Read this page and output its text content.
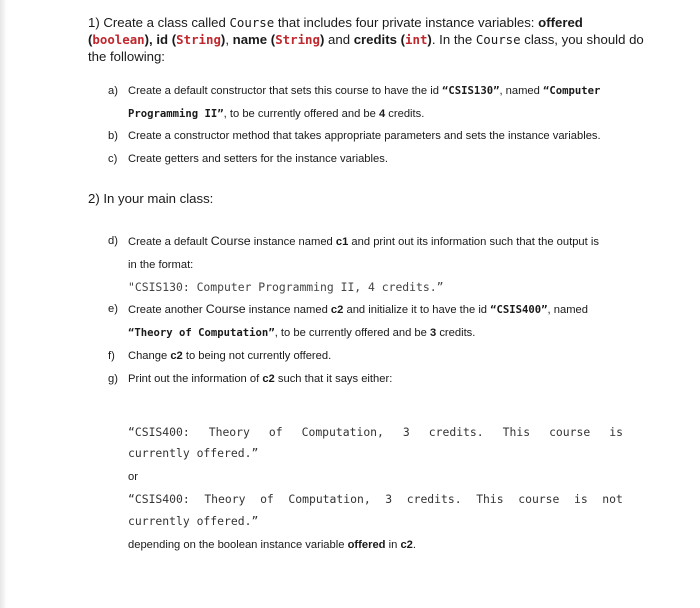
1) Create a class called Course that includes four private instance variables: offered
(boolean), id (String), name (String) and credits (int). In the Course class, you should do the following:
a) Create a default constructor that sets this course to have the id “CSIS130”, named “Computer
Programming II”, to be currently offered and be 4 credits.
b) Create a constructor method that takes appropriate parameters and sets the instance variables.
c) Create getters and setters for the instance variables.
2) In your main class:
d) Create a default Course instance named c1 and print out its information such that the output is
in the format:
"CSIS130: Computer Programming II, 4 credits.”
e) Create another Course instance named c2 and initialize it to have the id “CSIS400”, named
“Theory of Computation”, to be currently offered and be 3 credits.
f) Change c2 to being not currently offered.
g) Print out the information of c2 such that it says either:
“CSIS400: Theory of Computation, 3 credits. This course is
currently offered.”
or
“CSIS400: Theory of Computation, 3 credits. This course is not
currently offered.”
depending on the boolean instance variable offered in c2.
